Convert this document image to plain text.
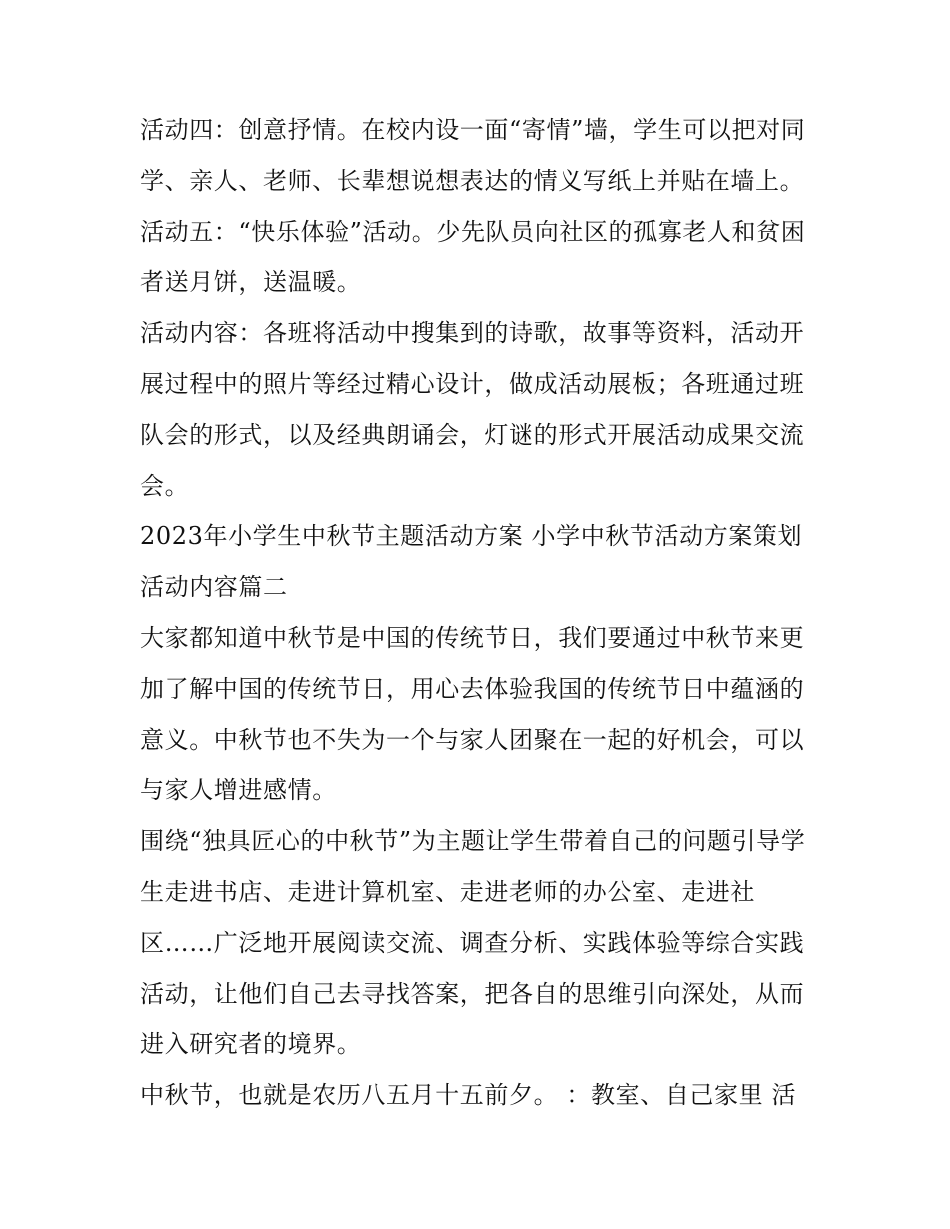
活动四：创意抒情。在校内设一面“寄情”墙，学生可以把对同
学、亲人、老师、长辈想说想表达的情义写纸上并贴在墙上。
活动五：“快乐体验”活动。少先队员向社区的孤寡老人和贫困
者送月饼，送温暖。
活动内容：各班将活动中搜集到的诗歌，故事等资料，活动开
展过程中的照片等经过精心设计，做成活动展板；各班通过班
队会的形式，以及经典朗诵会，灯谜的形式开展活动成果交流
会。
2023年小学生中秋节主题活动方案 小学中秋节活动方案策划
活动内容篇二
大家都知道中秋节是中国的传统节日，我们要通过中秋节来更
加了解中国的传统节日，用心去体验我国的传统节日中蕴涵的
意义。中秋节也不失为一个与家人团聚在一起的好机会，可以
与家人增进感情。
围绕“独具匠心的中秋节”为主题让学生带着自己的问题引导学
生走进书店、走进计算机室、走进老师的办公室、走进社
区……广泛地开展阅读交流、调查分析、实践体验等综合实践
活动，让他们自己去寻找答案，把各自的思维引向深处，从而
进入研究者的境界。
中秋节，也就是农历八五月十五前夕。 ：教室、自己家里 活
